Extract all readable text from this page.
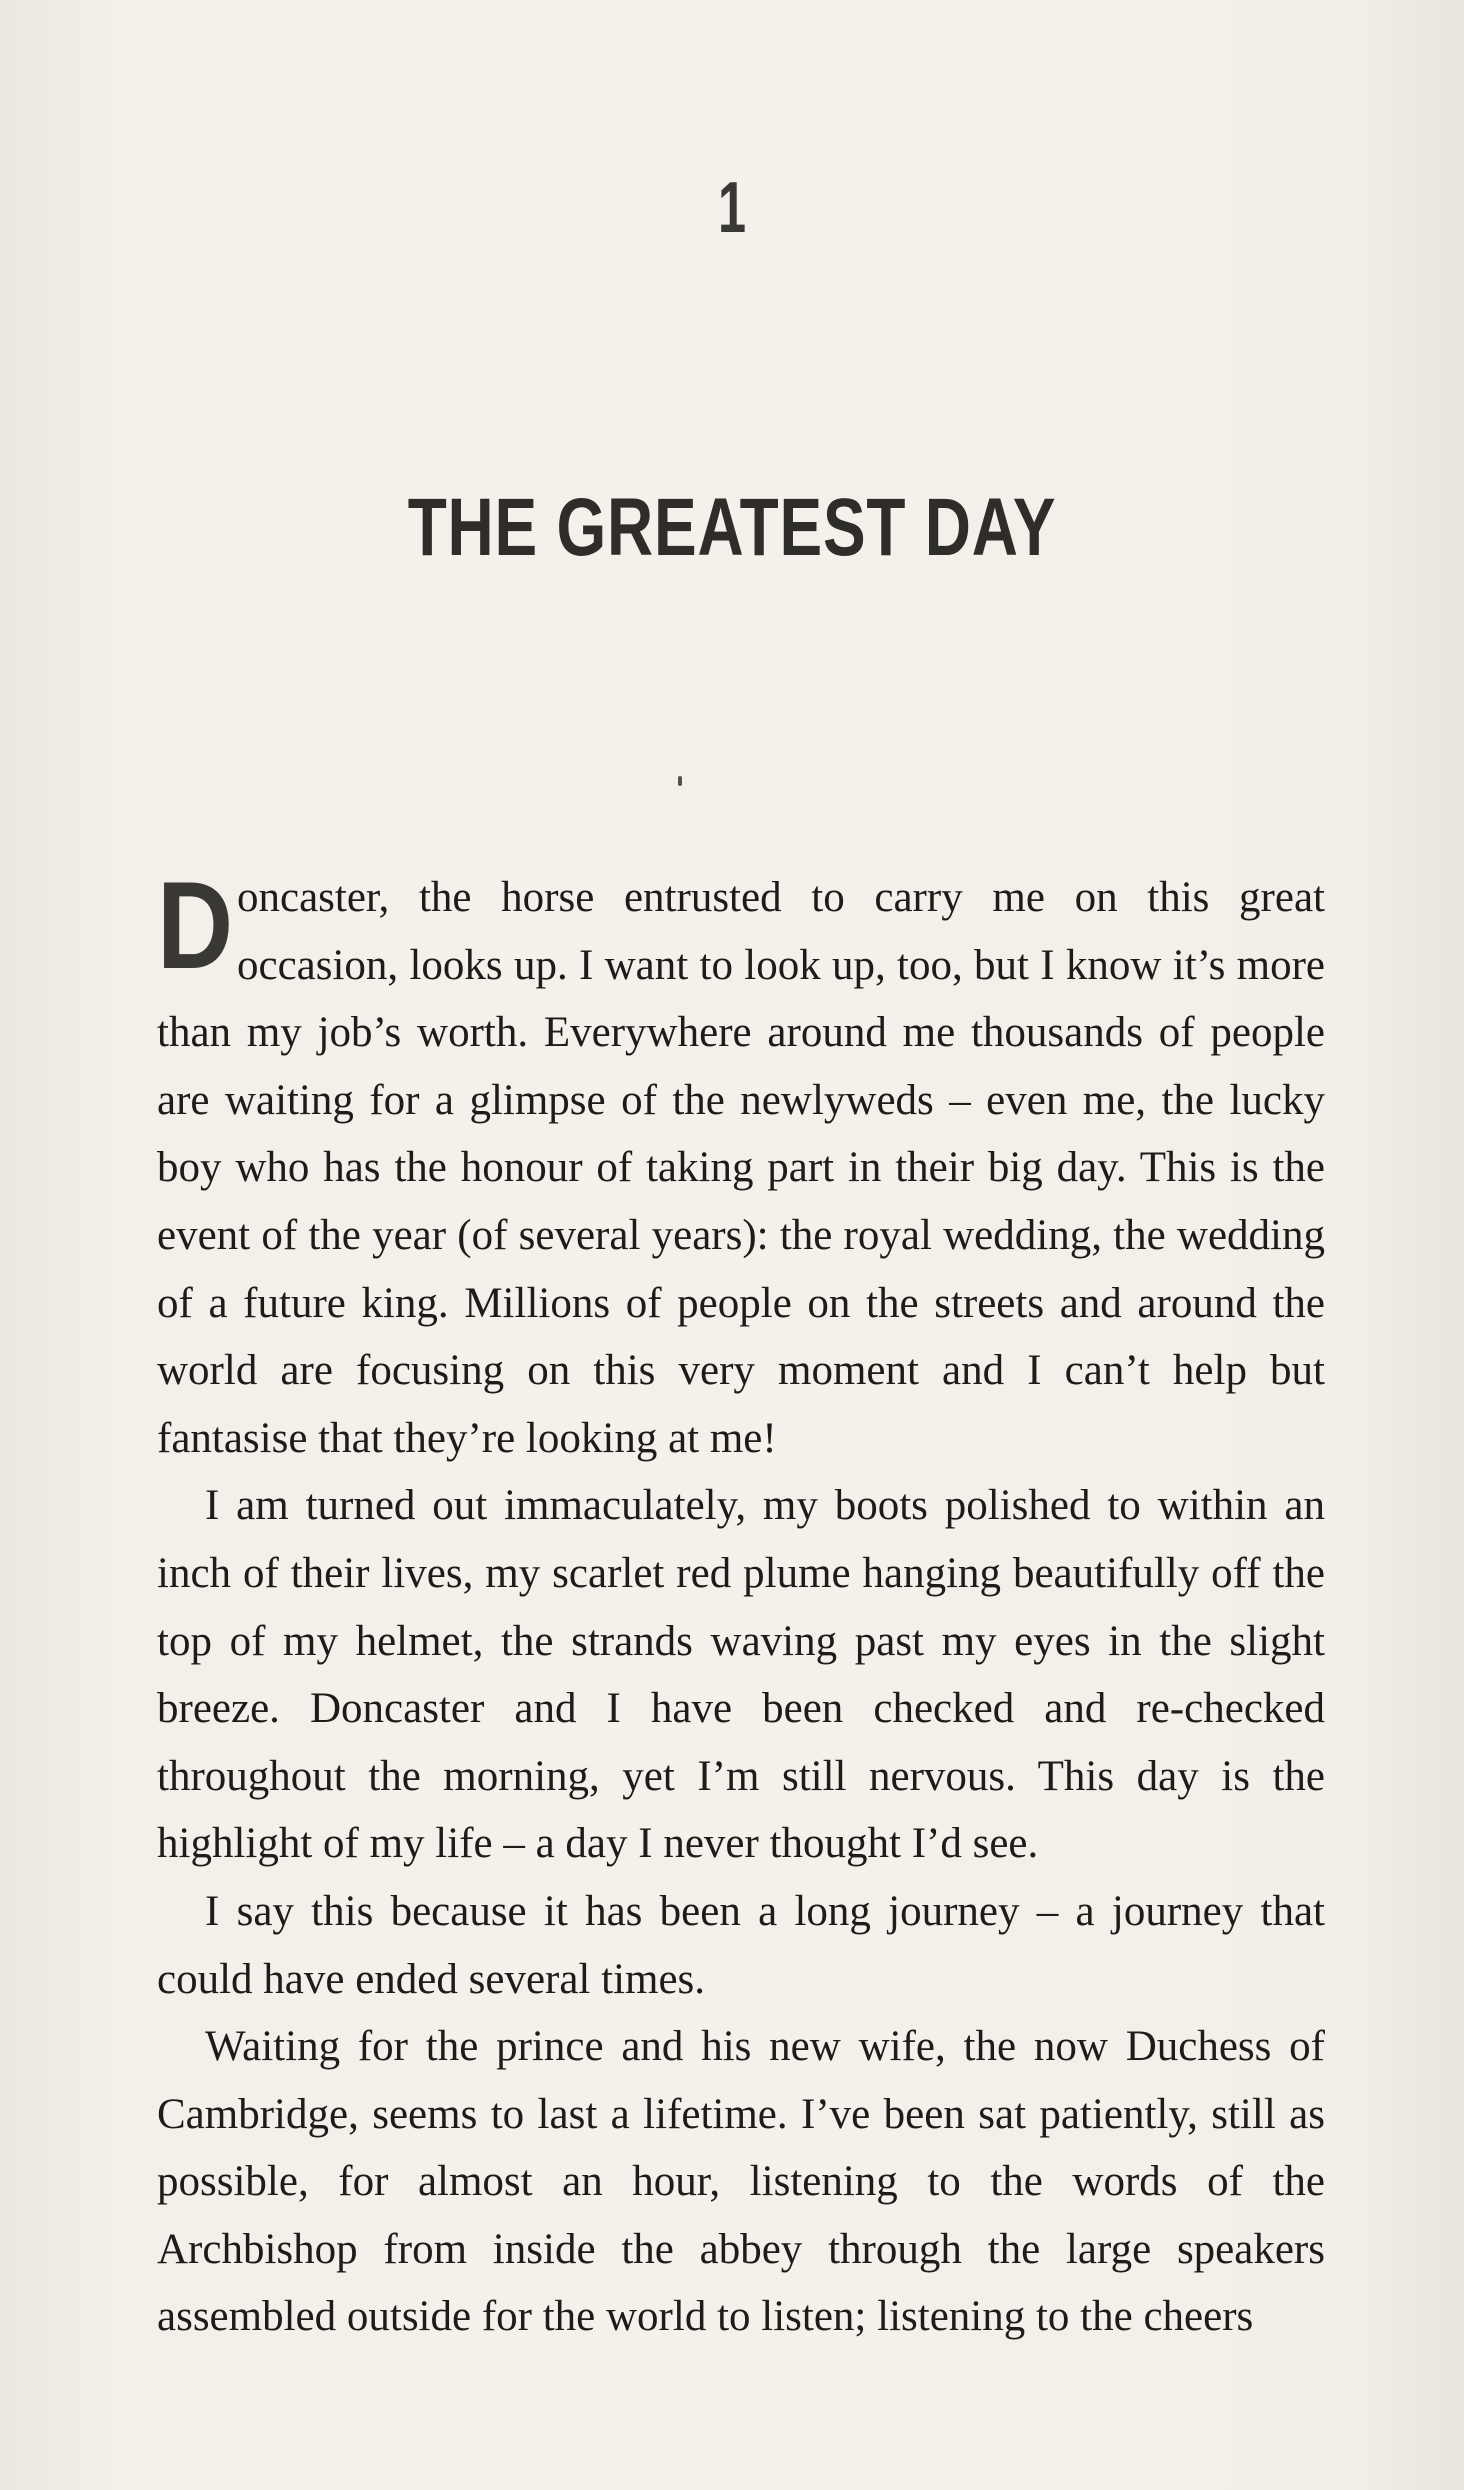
1
THE GREATEST DAY

Doncaster, the horse entrusted to carry me on this great occasion, looks up. I want to look up, too, but I know it’s more than my job’s worth. Everywhere around me thousands of people are waiting for a glimpse of the newlyweds – even me, the lucky boy who has the honour of taking part in their big day. This is the event of the year (of several years): the royal wedding, the wedding of a future king. Millions of people on the streets and around the world are focusing on this very moment and I can’t help but fantasise that they’re looking at me!

I am turned out immaculately, my boots polished to within an inch of their lives, my scarlet red plume hanging beautifully off the top of my helmet, the strands waving past my eyes in the slight breeze. Doncaster and I have been checked and re-checked throughout the morning, yet I’m still nervous. This day is the highlight of my life – a day I never thought I’d see.

I say this because it has been a long journey – a journey that could have ended several times.

Waiting for the prince and his new wife, the now Duchess of Cambridge, seems to last a lifetime. I’ve been sat patiently, still as possible, for almost an hour, listening to the words of the Archbishop from inside the abbey through the large speakers assembled outside for the world to listen; listening to the cheers
